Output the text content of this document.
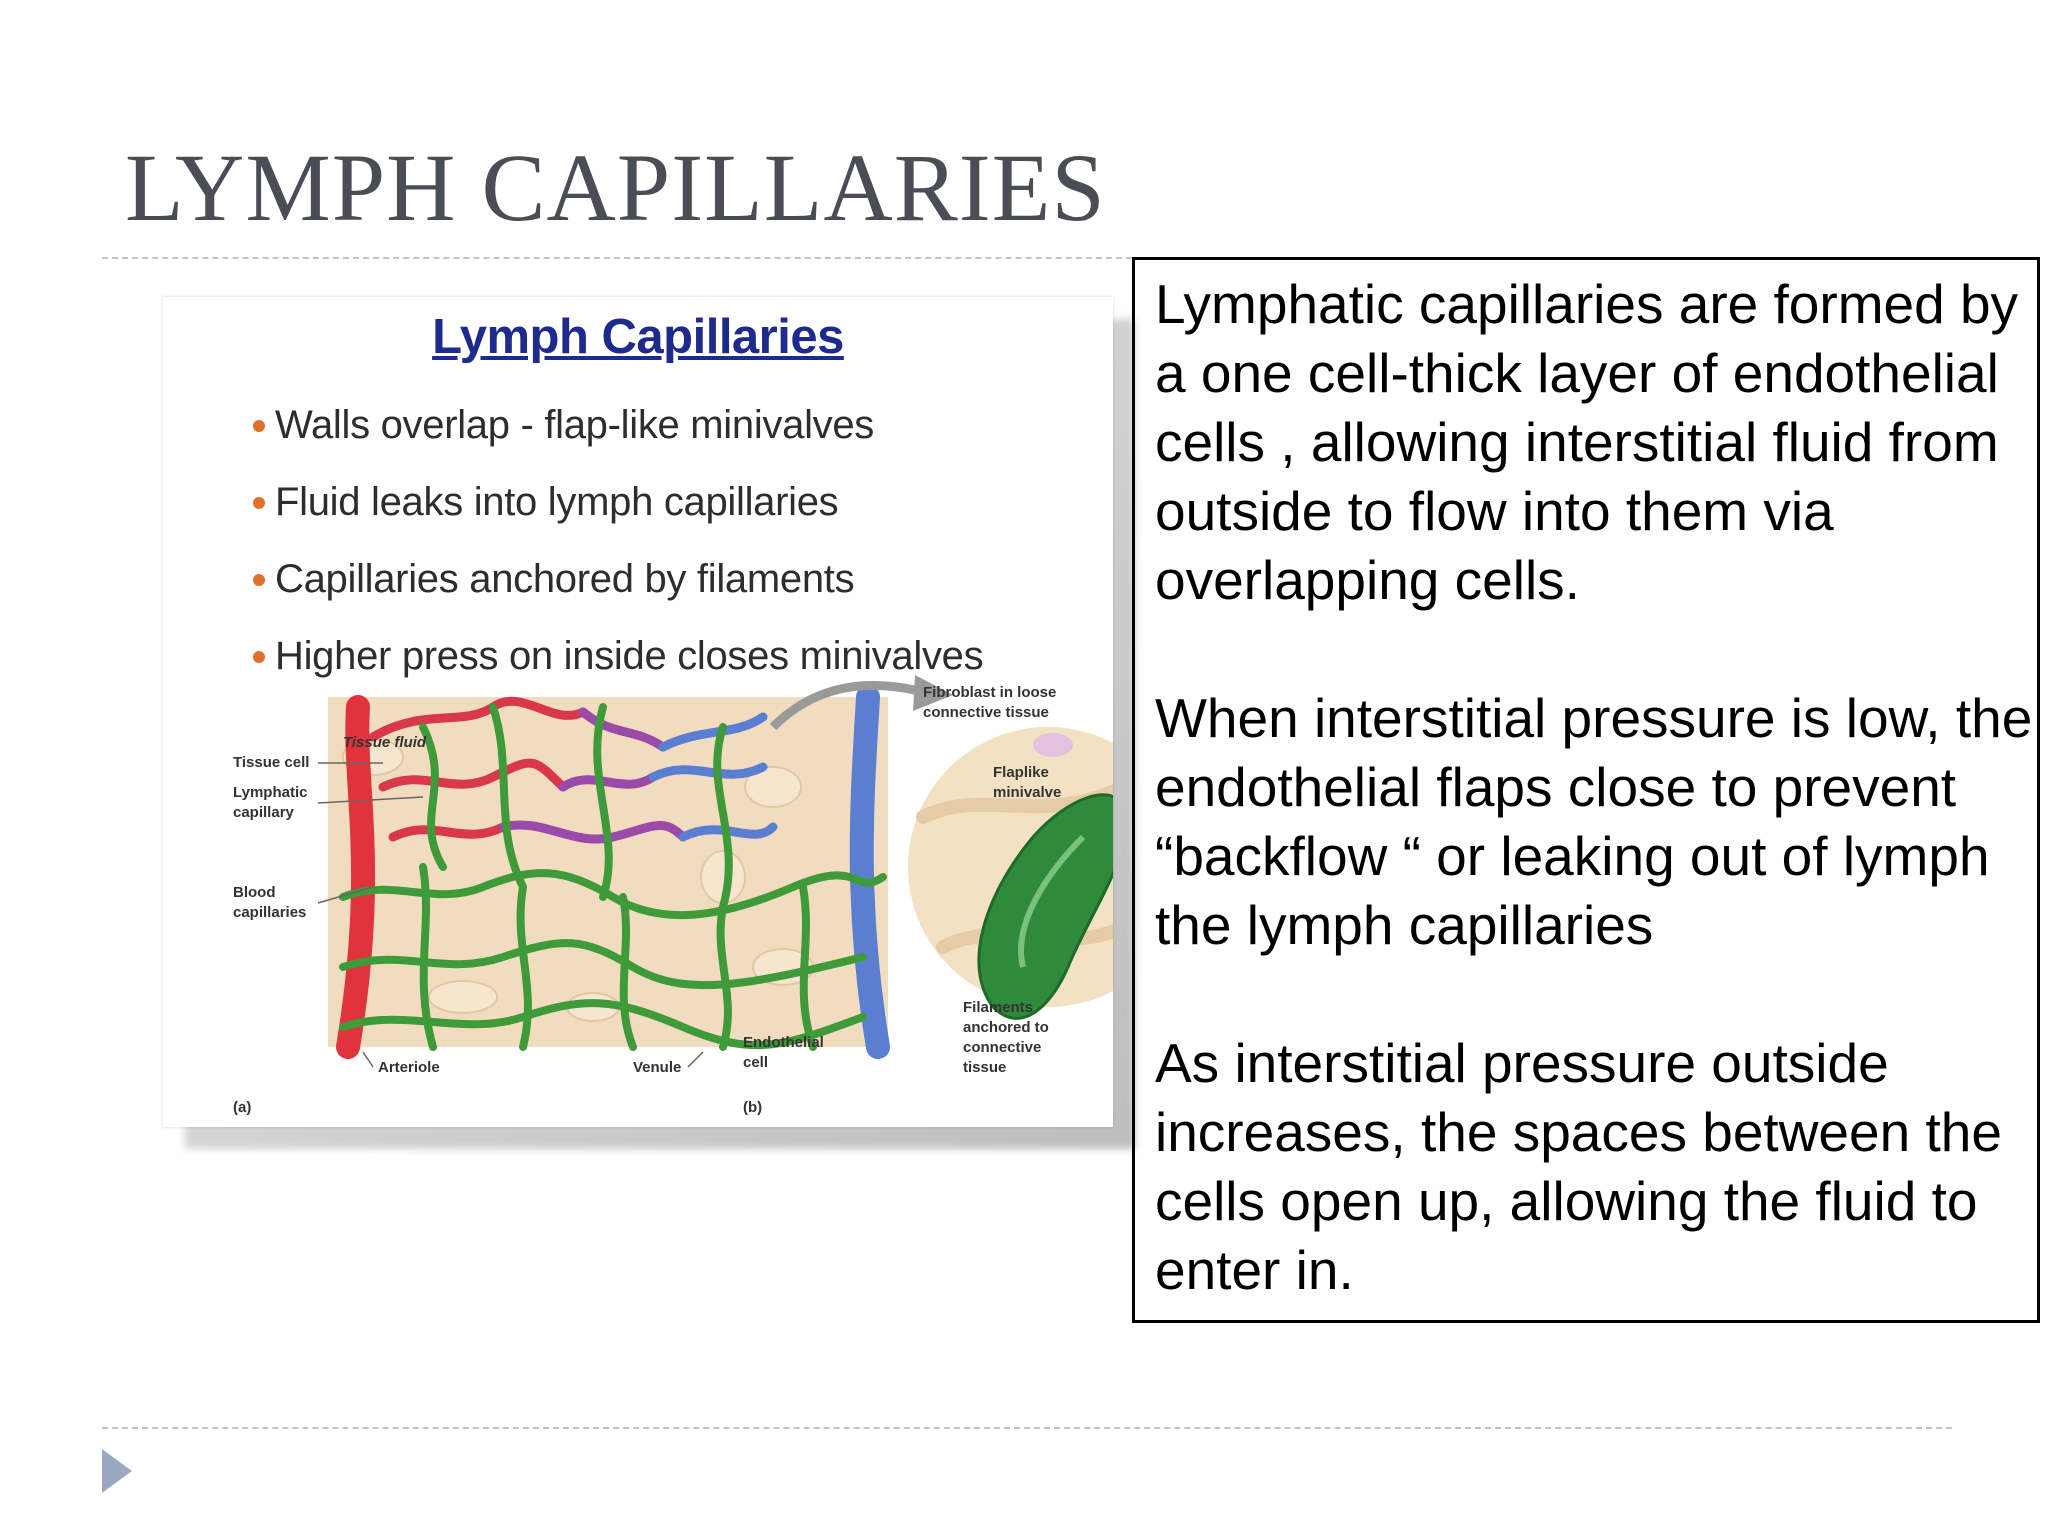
LYMPH CAPILLARIES
Lymph Capillaries
Walls overlap - flap-like minivalves
Fluid leaks into lymph capillaries
Capillaries anchored by filaments
Higher press on inside closes minivalves
Tissue fluid
Tissue cell
Lymphatic
capillary
Blood
capillaries
Arteriole	Venule
(a)
Fibroblast in loose
connective tissue
Flaplike
minivalve
Endothelial
cell
Filaments
anchored to
connective
tissue
(b)

Lymphatic capillaries are formed by a one cell-thick layer of endothelial cells , allowing interstitial fluid from outside to flow into them via overlapping cells.

When interstitial pressure is low, the endothelial flaps close to prevent “backflow “ or leaking out of lymph the lymph capillaries

As interstitial pressure outside increases, the spaces between the cells open up, allowing the fluid to enter in.
